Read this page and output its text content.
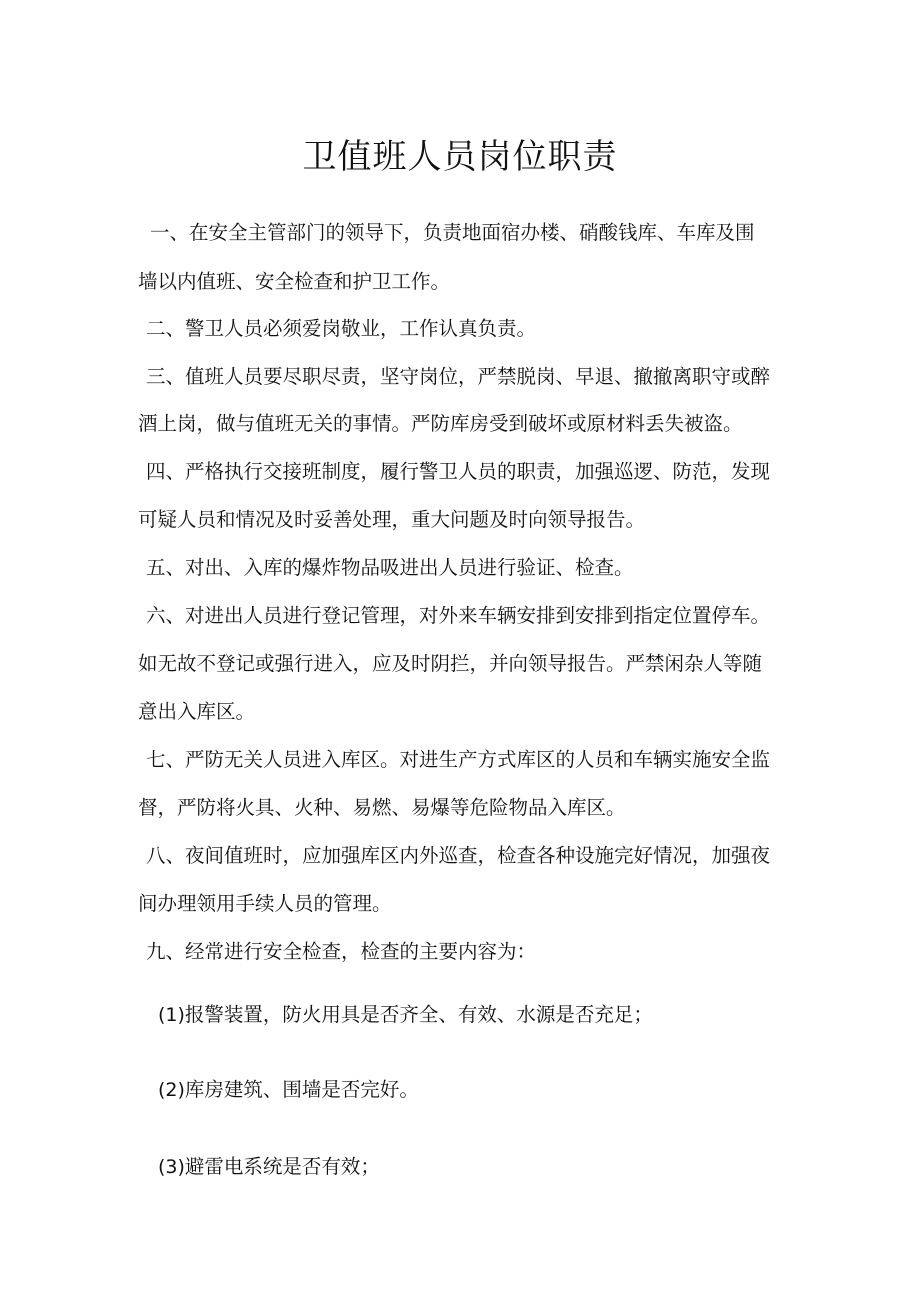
卫值班人员岗位职责

一、在安全主管部门的领导下，负责地面宿办楼、硝酸钱库、车库及围

墙以内值班、安全检查和护卫工作。

二、警卫人员必须爱岗敬业，工作认真负责。

三、值班人员要尽职尽责，坚守岗位，严禁脱岗、早退、撤撤离职守或醉

酒上岗，做与值班无关的事情。严防库房受到破坏或原材料丢失被盗。

四、严格执行交接班制度，履行警卫人员的职责，加强巡逻、防范，发现

可疑人员和情况及时妥善处理，重大问题及时向领导报告。

五、对出、入库的爆炸物品吸进出人员进行验证、检查。

六、对进出人员进行登记管理，对外来车辆安排到安排到指定位置停车。

如无故不登记或强行进入，应及时阴拦，并向领导报告。严禁闲杂人等随

意出入库区。

七、严防无关人员进入库区。对进生产方式库区的人员和车辆实施安全监

督，严防将火具、火种、易燃、易爆等危险物品入库区。

八、夜间值班时，应加强库区内外巡查，检查各种设施完好情况，加强夜

间办理领用手续人员的管理。

九、经常进行安全检查，检查的主要内容为：

(1)报警装置，防火用具是否齐全、有效、水源是否充足；

(2)库房建筑、围墙是否完好。

(3)避雷电系统是否有效；
